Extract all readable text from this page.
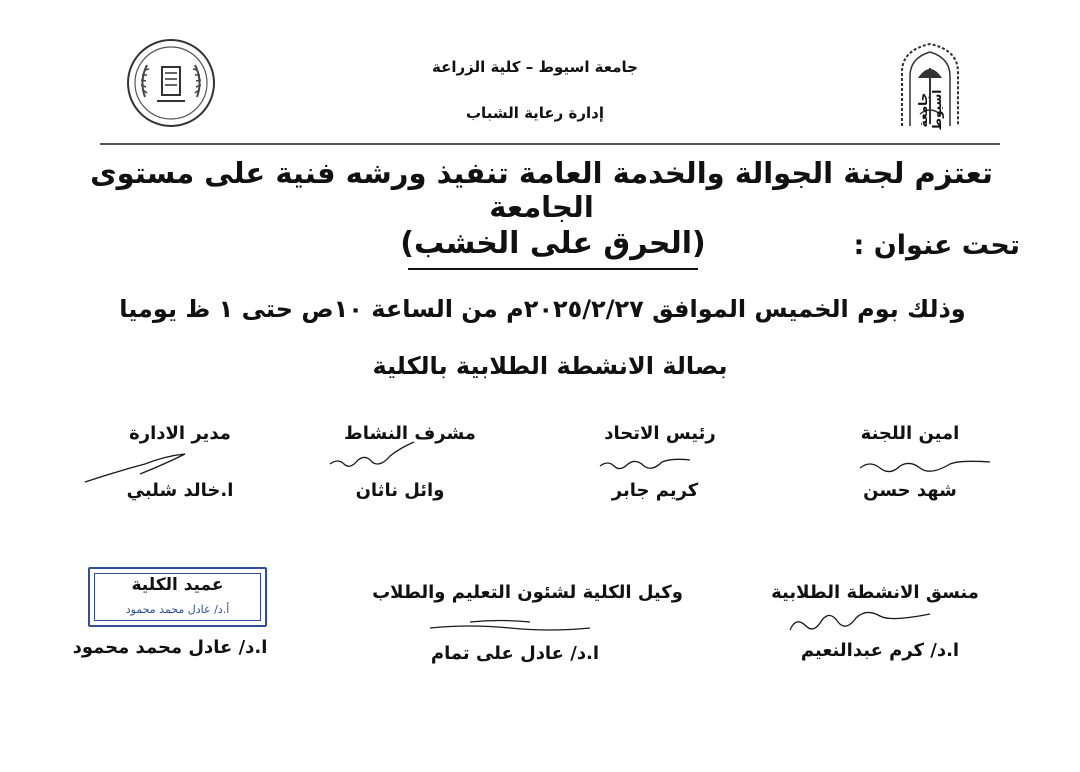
جامعة اسيوط
جامعة اسيوط – كلية الزراعة
إدارة رعاية الشباب
تعتزم لجنة الجوالة والخدمة العامة تنفيذ ورشه فنية على مستوى الجامعة
تحت عنوان :
(الحرق على الخشب)
وذلك بوم الخميس الموافق ٢٠٢٥/٢/٢٧م من الساعة ١٠ص حتى ١ ظ يوميا
بصالة الانشطة الطلابية بالكلية
امين اللجنة
رئيس الاتحاد
مشرف النشاط
مدير الادارة
شهد حسن
كريم جابر
وائل ناثان
ا.خالد شلبي
منسق الانشطة الطلابية
وكيل الكلية لشئون التعليم والطلاب
عميد الكلية
أ.د/ عادل محمد محمود
ا.د/ كرم عبدالنعيم
ا.د/ عادل على تمام
ا.د/ عادل محمد محمود
